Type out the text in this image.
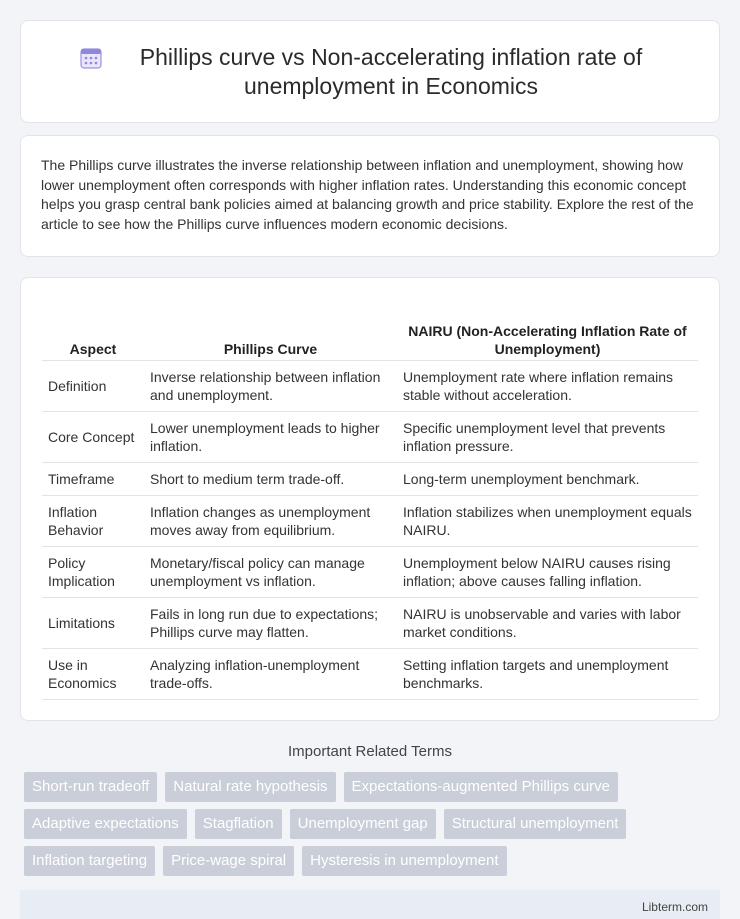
Phillips curve vs Non-accelerating inflation rate of unemployment in Economics

The Phillips curve illustrates the inverse relationship between inflation and unemployment, showing how lower unemployment often corresponds with higher inflation rates. Understanding this economic concept helps you grasp central bank policies aimed at balancing growth and price stability. Explore the rest of the article to see how the Phillips curve influences modern economic decisions.

Aspect	Phillips Curve	NAIRU (Non-Accelerating Inflation Rate of Unemployment)
Definition	Inverse relationship between inflation and unemployment.	Unemployment rate where inflation remains stable without acceleration.
Core Concept	Lower unemployment leads to higher inflation.	Specific unemployment level that prevents inflation pressure.
Timeframe	Short to medium term trade-off.	Long-term unemployment benchmark.
Inflation Behavior	Inflation changes as unemployment moves away from equilibrium.	Inflation stabilizes when unemployment equals NAIRU.
Policy Implication	Monetary/fiscal policy can manage unemployment vs inflation.	Unemployment below NAIRU causes rising inflation; above causes falling inflation.
Limitations	Fails in long run due to expectations; Phillips curve may flatten.	NAIRU is unobservable and varies with labor market conditions.
Use in Economics	Analyzing inflation-unemployment trade-offs.	Setting inflation targets and unemployment benchmarks.
Important Related Terms
Short-run tradeoff	Natural rate hypothesis	Expectations-augmented Phillips curve
Adaptive expectations	Stagflation	Unemployment gap	Structural unemployment
Inflation targeting	Price-wage spiral	Hysteresis in unemployment
Libterm.com
